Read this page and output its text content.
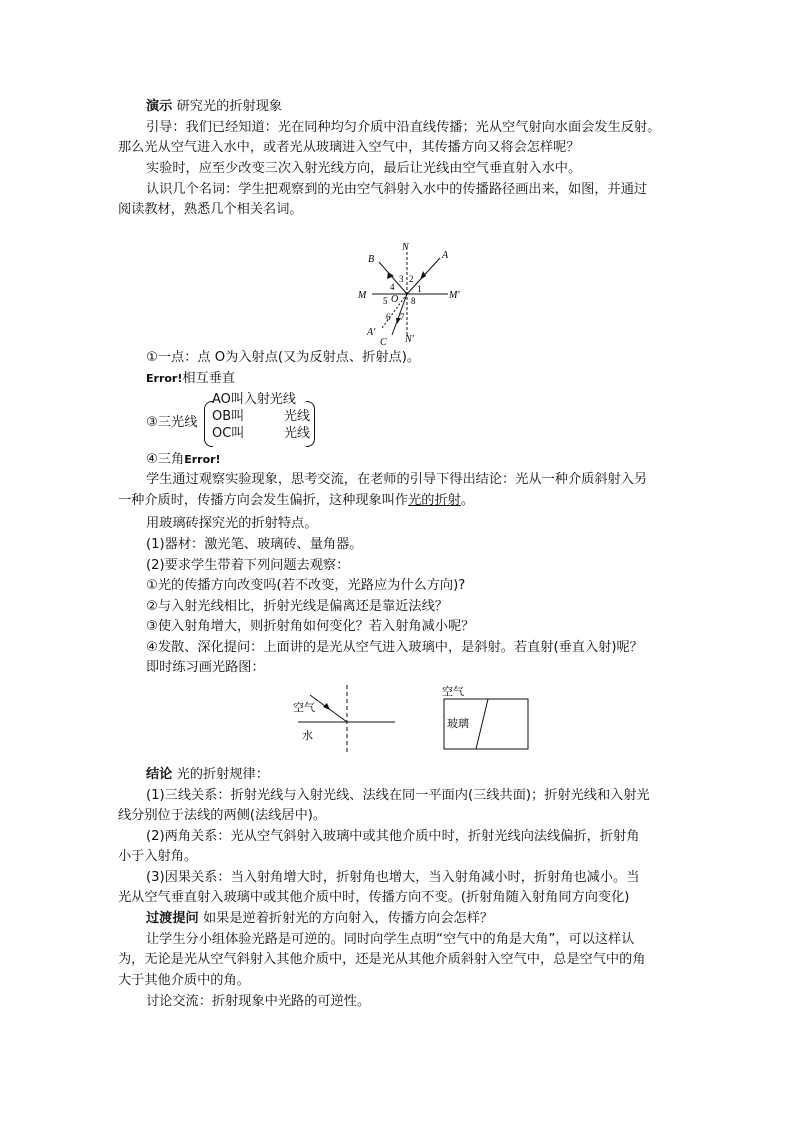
演示 研究光的折射现象
引导：我们已经知道：光在同种均匀介质中沿直线传播；光从空气射向水面会发生反射。
那么光从空气进入水中，或者光从玻璃进入空气中，其传播方向又将会怎样呢？
实验时，应至少改变三次入射光线方向，最后让光线由空气垂直射入水中。
认识几个名词：学生把观察到的光由空气斜射入水中的传播路径画出来，如图，并通过
阅读教材，熟悉几个相关名词。
N
A
B
M	M′
O
A′
C N′
1
2
3
4
5
6 7
8
①一点：点 O为入射点(又为反射点、折射点)。
Error!相互垂直
③三光线
AO叫入射光线
OB叫	光线
OC叫	光线
④三角Error!
学生通过观察实验现象，思考交流，在老师的引导下得出结论：光从一种介质斜射入另
一种介质时，传播方向会发生偏折，这种现象叫作光的折射。
用玻璃砖探究光的折射特点。
(1)器材：激光笔、玻璃砖、量角器。
(2)要求学生带着下列问题去观察：
①光的传播方向改变吗(若不改变，光路应为什么方向)?
②与入射光线相比，折射光线是偏离还是靠近法线？
③使入射角增大，则折射角如何变化？若入射角减小呢？
④发散、深化提问：上面讲的是光从空气进入玻璃中，是斜射。若直射(垂直入射)呢？
即时练习画光路图：
空气
水
空气
玻璃
结论 光的折射规律：
(1)三线关系：折射光线与入射光线、法线在同一平面内(三线共面)；折射光线和入射光
线分别位于法线的两侧(法线居中)。
(2)两角关系：光从空气斜射入玻璃中或其他介质中时，折射光线向法线偏折，折射角
小于入射角。
(3)因果关系：当入射角增大时，折射角也增大，当入射角减小时，折射角也减小。当
光从空气垂直射入玻璃中或其他介质中时，传播方向不变。(折射角随入射角同方向变化)
过渡提问 如果是逆着折射光的方向射入，传播方向会怎样？
让学生分小组体验光路是可逆的。同时向学生点明“空气中的角是大角”，可以这样认
为，无论是光从空气斜射入其他介质中，还是光从其他介质斜射入空气中，总是空气中的角
大于其他介质中的角。
讨论交流：折射现象中光路的可逆性。
